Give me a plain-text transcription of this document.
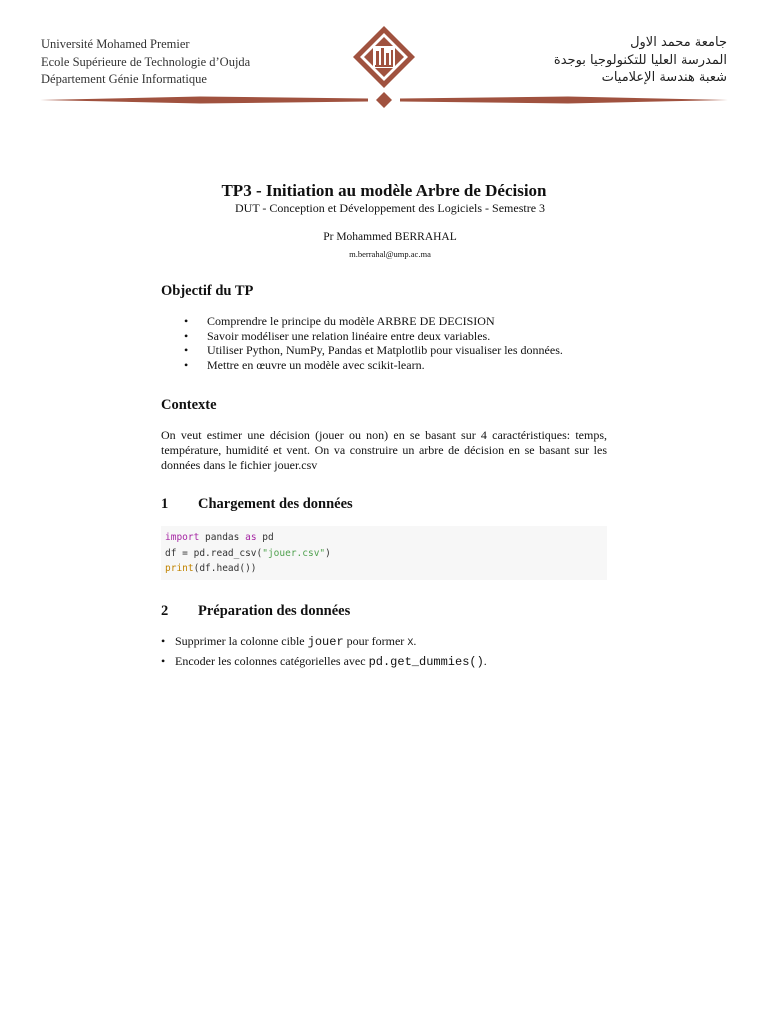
Université Mohamed Premier
Ecole Supérieure de Technologie d’Oujda
Département Génie Informatique
جامعة محمد الاول
المدرسة العليا للتكنولوجيا بوجدة
شعبة هندسة الإعلاميات
TP3 - Initiation au modèle Arbre de Décision
DUT - Conception et Développement des Logiciels - Semestre 3
Pr Mohammed BERRAHAL
m.berrahal@ump.ac.ma
Objectif du TP
• Comprendre le principe du modèle ARBRE DE DECISION
• Savoir modéliser une relation linéaire entre deux variables.
• Utiliser Python, NumPy, Pandas et Matplotlib pour visualiser les données.
• Mettre en œuvre un modèle avec scikit-learn.
Contexte
On veut estimer une décision (jouer ou non) en se basant sur 4 caractéristiques: temps, température, humidité et vent. On va construire un arbre de décision en se basant sur les données dans le fichier jouer.csv
1 Chargement des données
import pandas as pd
df = pd.read_csv("jouer.csv")
print(df.head())
2 Préparation des données
• Supprimer la colonne cible jouer pour former X.
• Encoder les colonnes catégorielles avec pd.get_dummies().
